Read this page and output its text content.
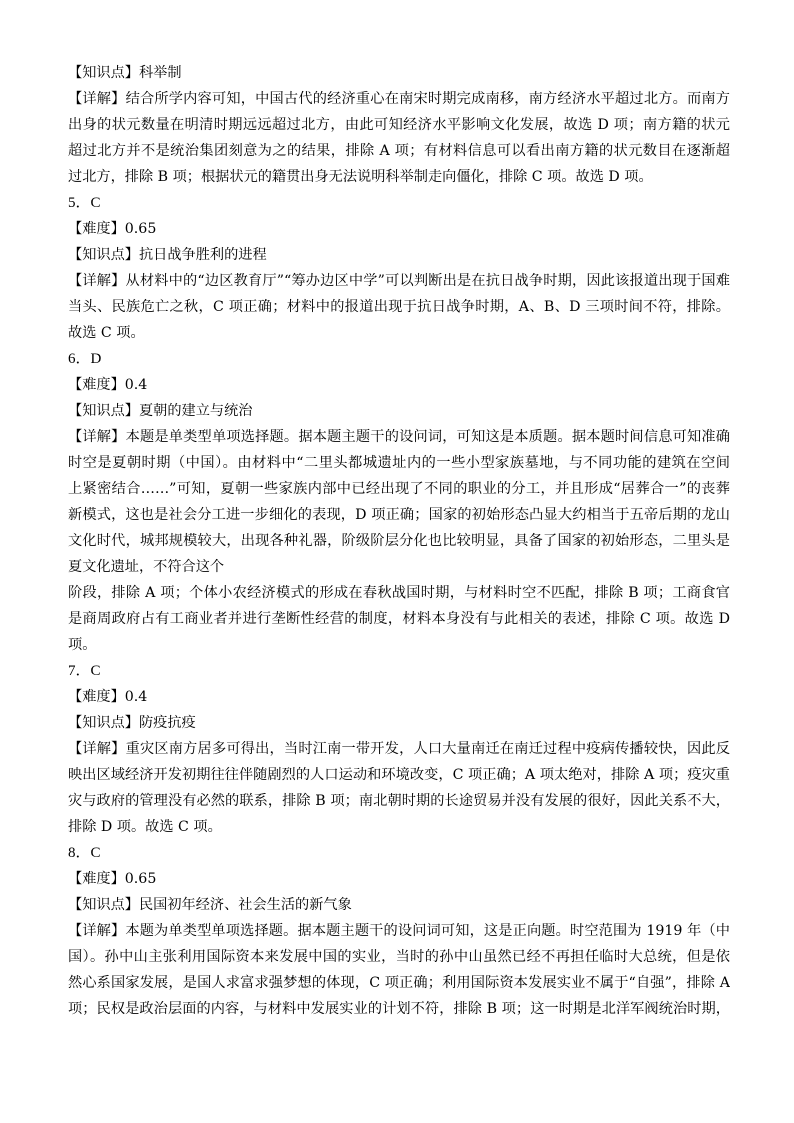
【知识点】科举制
【详解】结合所学内容可知，中国古代的经济重心在南宋时期完成南移，南方经济水平超过北方。而南方
出身的状元数量在明清时期远远超过北方，由此可知经济水平影响文化发展，故选 D 项；南方籍的状元
超过北方并不是统治集团刻意为之的结果，排除 A 项；有材料信息可以看出南方籍的状元数目在逐渐超
过北方，排除 B 项；根据状元的籍贯出身无法说明科举制走向僵化，排除 C 项。故选 D 项。
5．C
【难度】0.65
【知识点】抗日战争胜利的进程
【详解】从材料中的“边区教育厅”“筹办边区中学”可以判断出是在抗日战争时期，因此该报道出现于国难
当头、民族危亡之秋，C 项正确；材料中的报道出现于抗日战争时期，A、B、D 三项时间不符，排除。
故选 C 项。
6．D
【难度】0.4
【知识点】夏朝的建立与统治
【详解】本题是单类型单项选择题。据本题主题干的设问词，可知这是本质题。据本题时间信息可知准确
时空是夏朝时期（中国）。由材料中“二里头都城遗址内的一些小型家族墓地，与不同功能的建筑在空间
上紧密结合……”可知，夏朝一些家族内部中已经出现了不同的职业的分工，并且形成“居葬合一”的丧葬
新模式，这也是社会分工进一步细化的表现，D 项正确；国家的初始形态凸显大约相当于五帝后期的龙山
文化时代，城邦规模较大，出现各种礼器，阶级阶层分化也比较明显，具备了国家的初始形态，二里头是
夏文化遗址，不符合这个
阶段，排除 A 项；个体小农经济模式的形成在春秋战国时期，与材料时空不匹配，排除 B 项；工商食官
是商周政府占有工商业者并进行垄断性经营的制度，材料本身没有与此相关的表述，排除 C 项。故选 D
项。
7．C
【难度】0.4
【知识点】防疫抗疫
【详解】重灾区南方居多可得出，当时江南一带开发，人口大量南迁在南迁过程中疫病传播较快，因此反
映出区域经济开发初期往往伴随剧烈的人口运动和环境改变，C 项正确；A 项太绝对，排除 A 项；疫灾重
灾与政府的管理没有必然的联系，排除 B 项；南北朝时期的长途贸易并没有发展的很好，因此关系不大，
排除 D 项。故选 C 项。
8．C
【难度】0.65
【知识点】民国初年经济、社会生活的新气象
【详解】本题为单类型单项选择题。据本题主题干的设问词可知，这是正向题。时空范围为 1919 年（中
国）。孙中山主张利用国际资本来发展中国的实业，当时的孙中山虽然已经不再担任临时大总统，但是依
然心系国家发展，是国人求富求强梦想的体现，C 项正确；利用国际资本发展实业不属于“自强”，排除 A
项；民权是政治层面的内容，与材料中发展实业的计划不符，排除 B 项；这一时期是北洋军阀统治时期，
